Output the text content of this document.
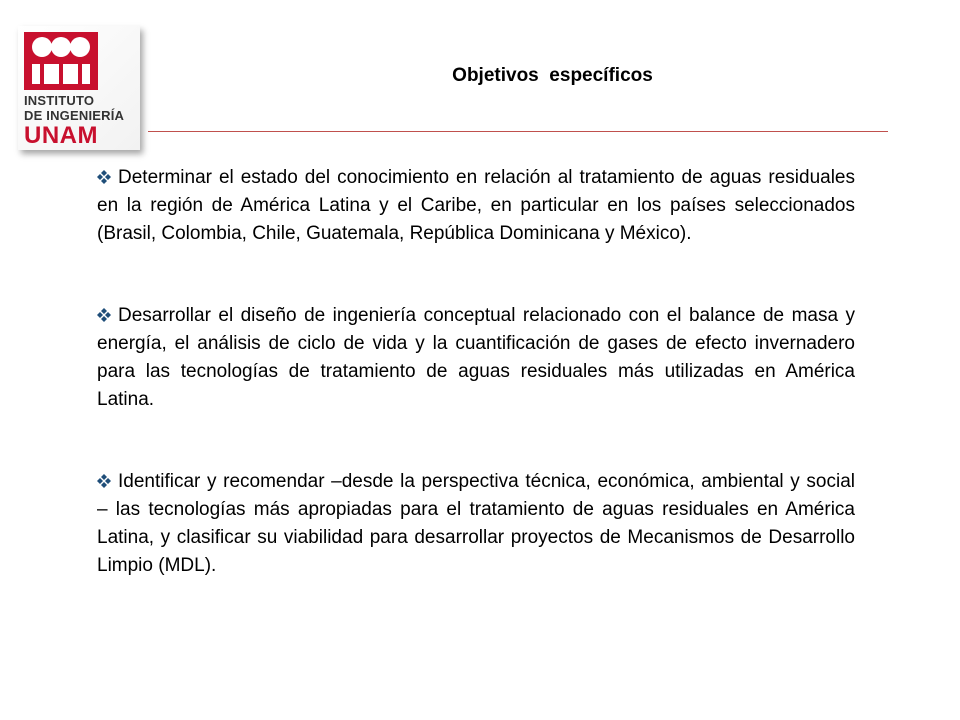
INSTITUTO
DE INGENIERÍA
UNAM
Objetivos  específicos

Determinar el estado del conocimiento en relación al tratamiento de aguas residuales en la región de América Latina y el Caribe, en particular en los países seleccionados (Brasil, Colombia, Chile, Guatemala, República Dominicana y México).

Desarrollar el diseño de ingeniería conceptual relacionado con el balance de masa y energía, el análisis de ciclo de vida y la cuantificación de gases de efecto invernadero para las tecnologías de tratamiento de aguas residuales más utilizadas en América Latina.

Identificar y recomendar –desde la perspectiva técnica, económica, ambiental y social – las tecnologías más apropiadas para el tratamiento de aguas residuales en América Latina, y clasificar su viabilidad para desarrollar proyectos de Mecanismos de Desarrollo Limpio (MDL).
